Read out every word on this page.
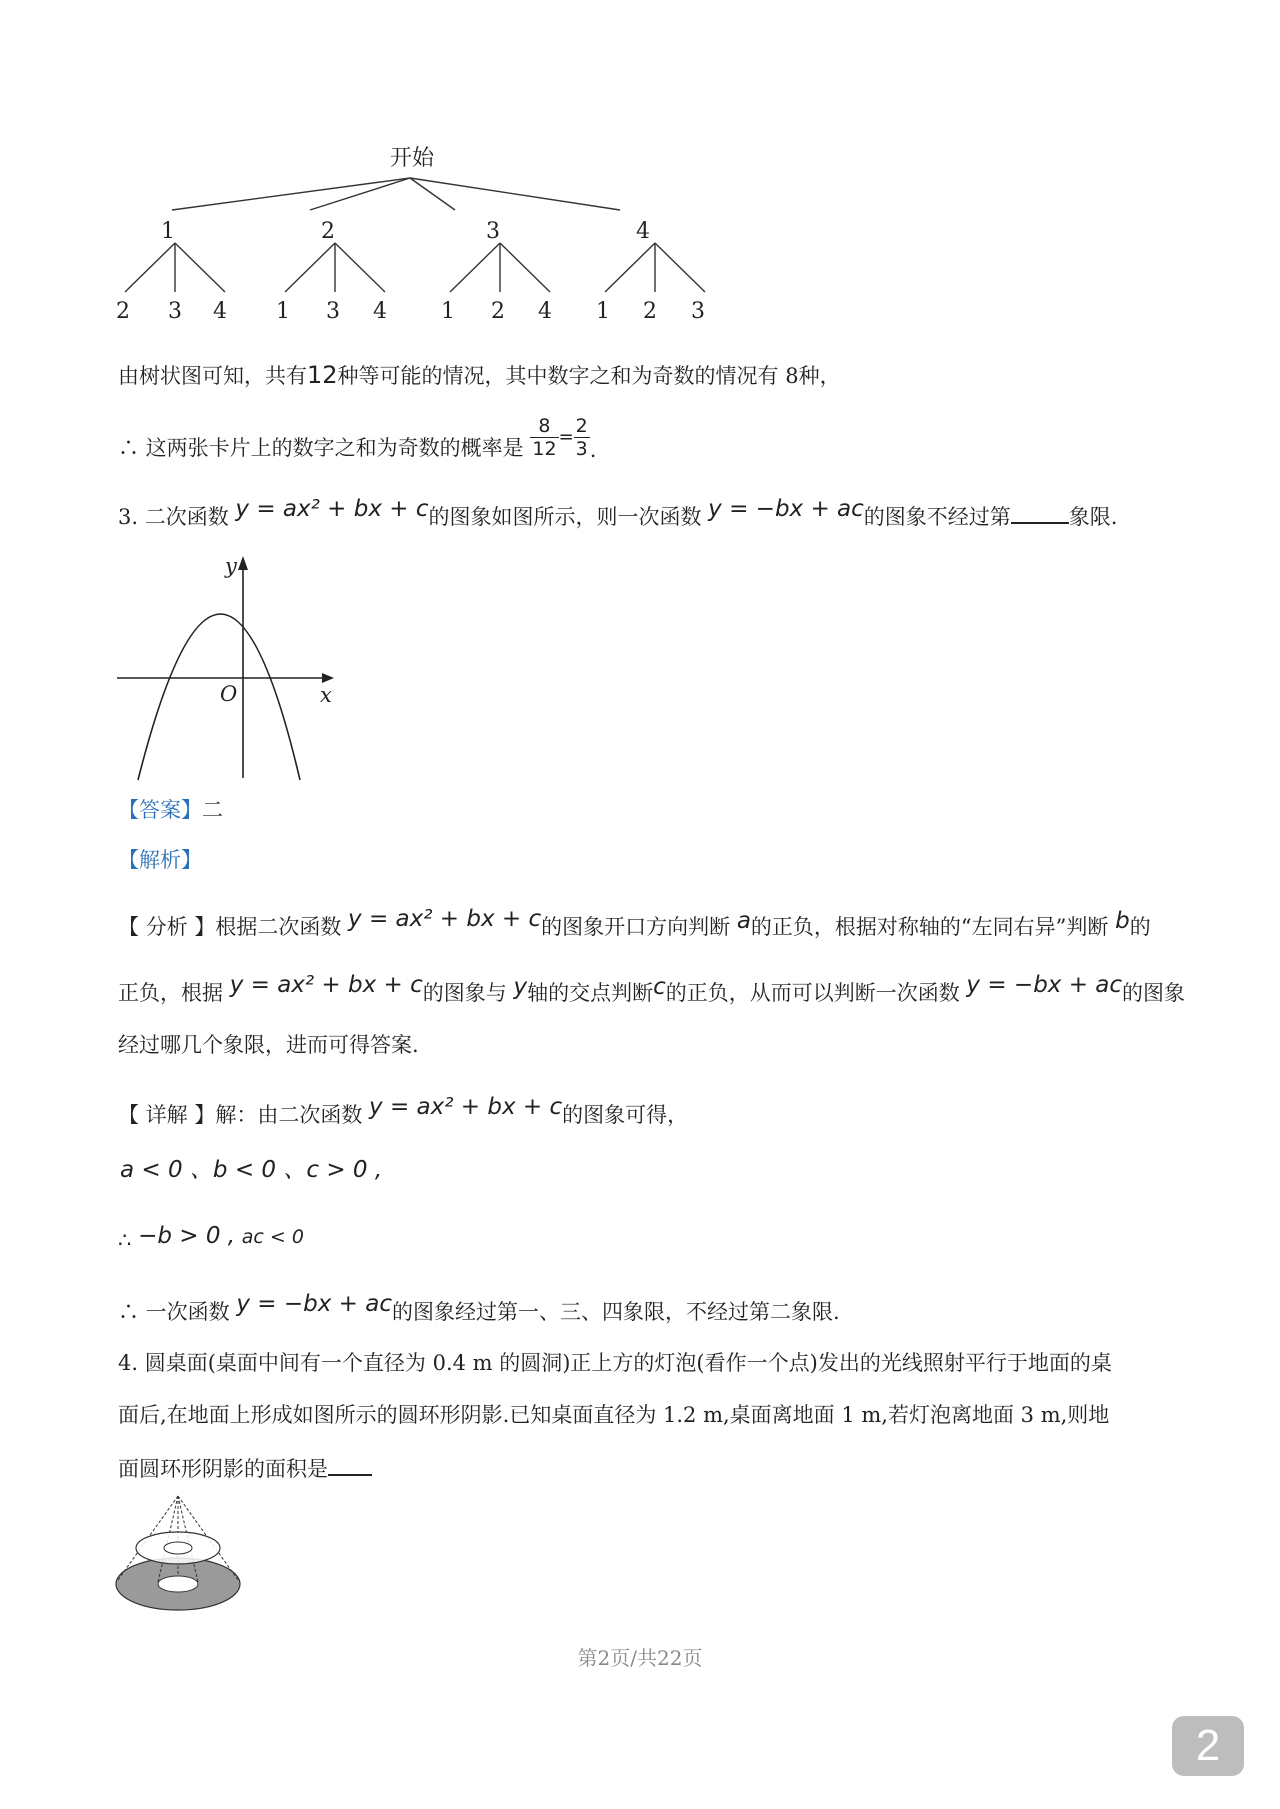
开始
1	2	3	4
2 3 4 1 3 4 1 2 4 1 2 3
由树状图可知，共有12种等可能的情况，其中数字之和为奇数的情况有 8种，
∴ 这两张卡片上的数字之和为奇数的概率是 $\frac{8}{12} = \frac{2}{3}$ .
3. 二次函数 y = ax² + bx + c的图象如图所示，则一次函数 y = −bx + ac的图象不经过第	象限.
y
x
O
【答案】二
【解析】
【 分析 】根据二次函数 y = ax² + bx + c的图象开口方向判断 a的正负，根据对称轴的“左同右异”判断 b的
正负，根据 y = ax² + bx + c的图象与 y轴的交点判断c的正负，从而可以判断一次函数 y = −bx + ac的图象
经过哪几个象限，进而可得答案.
【 详解 】解：由二次函数 y = ax² + bx + c的图象可得，
a < 0 、b < 0 、c > 0 ,
∴ −b > 0 , ac < 0
∴ 一次函数 y = −bx + ac的图象经过第一、三、四象限，不经过第二象限.
4. 圆桌面(桌面中间有一个直径为 0.4 m 的圆洞)正上方的灯泡(看作一个点)发出的光线照射平行于地面的桌
面后,在地面上形成如图所示的圆环形阴影.已知桌面直径为 1.2 m,桌面离地面 1 m,若灯泡离地面 3 m,则地
面圆环形阴影的面积是
第2页/共22页
2
